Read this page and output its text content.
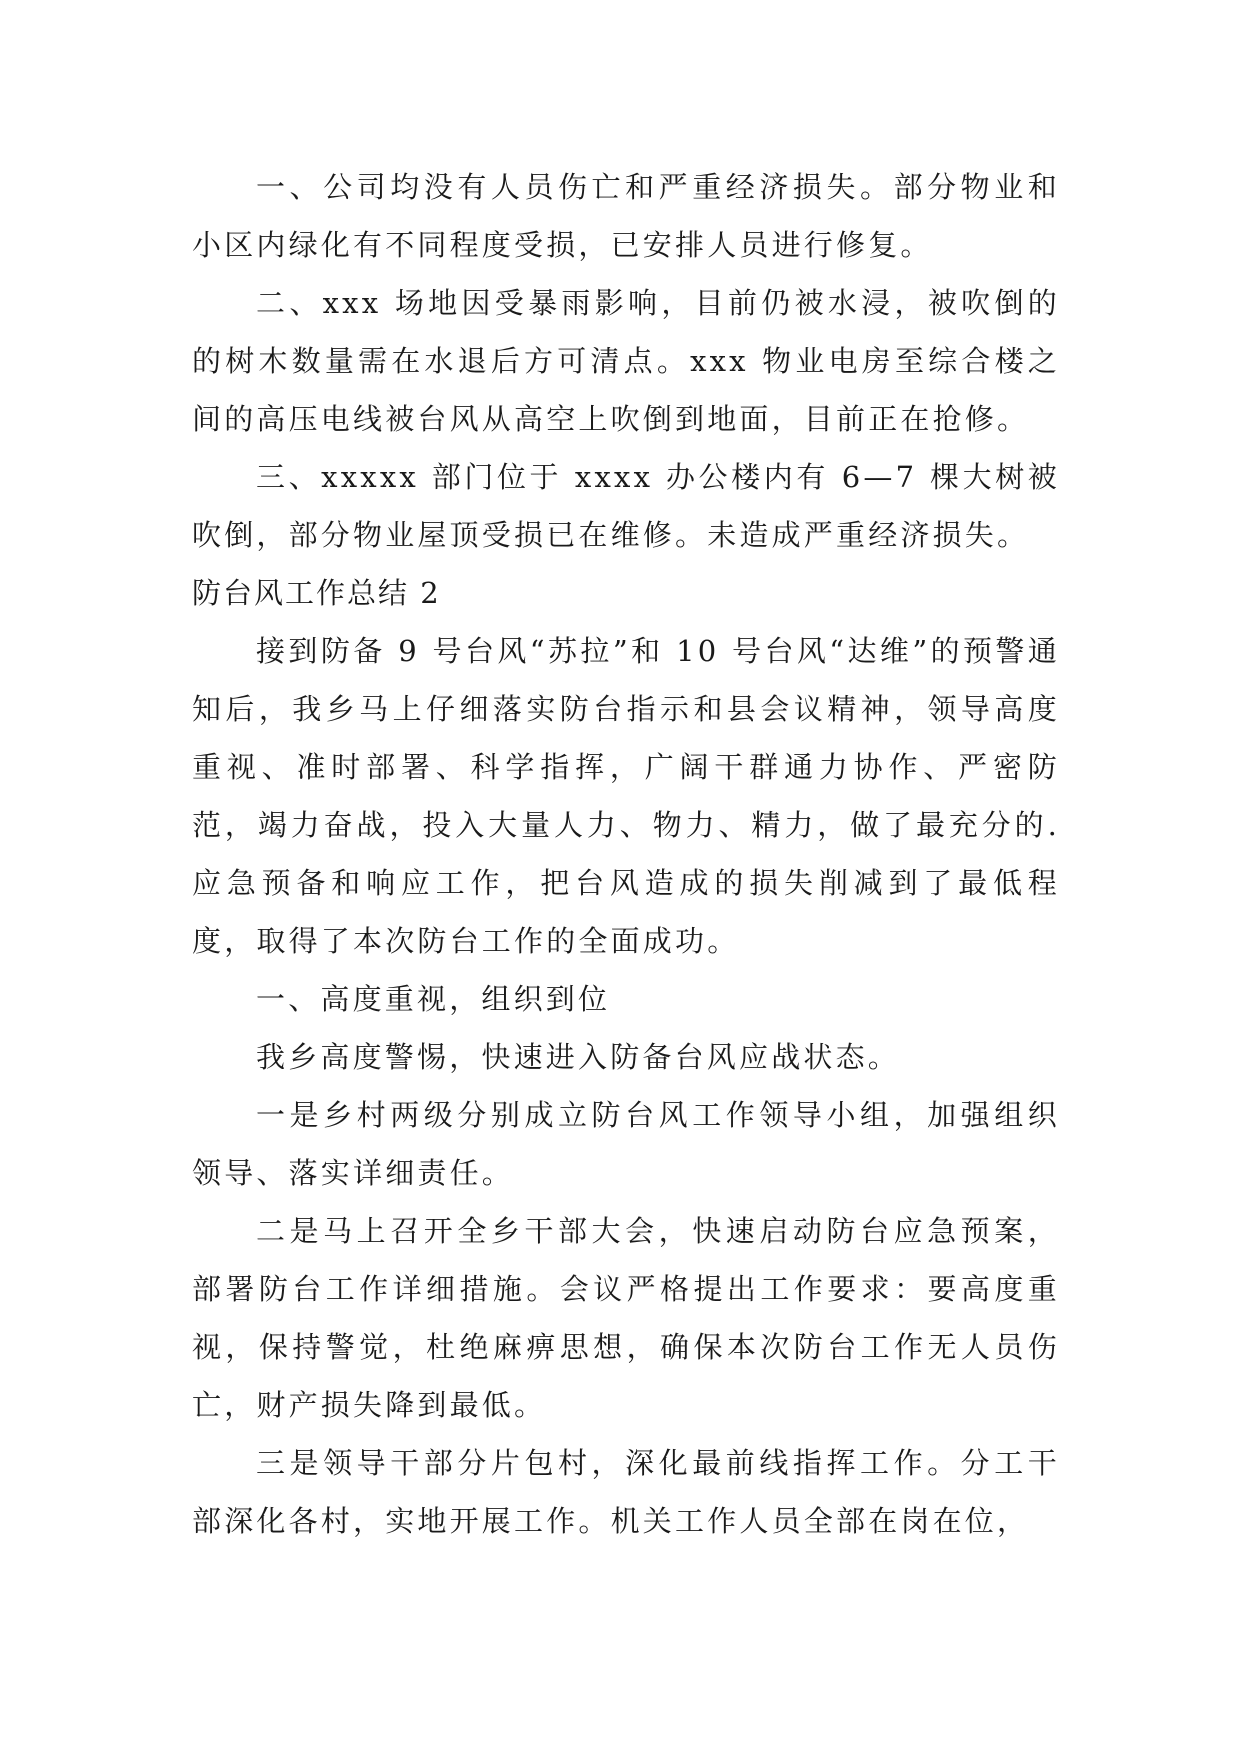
一、公司均没有人员伤亡和严重经济损失。部分物业和小区内绿化有不同程度受损，已安排人员进行修复。

二、xxx 场地因受暴雨影响，目前仍被水浸，被吹倒的的树木数量需在水退后方可清点。xxx 物业电房至综合楼之间的高压电线被台风从高空上吹倒到地面，目前正在抢修。

三、xxxxx 部门位于 xxxx 办公楼内有 6—7 棵大树被吹倒，部分物业屋顶受损已在维修。未造成严重经济损失。

防台风工作总结 2

接到防备 9 号台风“苏拉”和 10 号台风“达维”的预警通知后，我乡马上仔细落实防台指示和县会议精神，领导高度重视、准时部署、科学指挥，广阔干群通力协作、严密防范，竭力奋战，投入大量人力、物力、精力，做了最充分的.应急预备和响应工作，把台风造成的损失削减到了最低程度，取得了本次防台工作的全面成功。

一、高度重视，组织到位

我乡高度警惕，快速进入防备台风应战状态。

一是乡村两级分别成立防台风工作领导小组，加强组织领导、落实详细责任。

二是马上召开全乡干部大会，快速启动防台应急预案，部署防台工作详细措施。会议严格提出工作要求：要高度重视，保持警觉，杜绝麻痹思想，确保本次防台工作无人员伤亡，财产损失降到最低。

三是领导干部分片包村，深化最前线指挥工作。分工干部深化各村，实地开展工作。机关工作人员全部在岗在位，
